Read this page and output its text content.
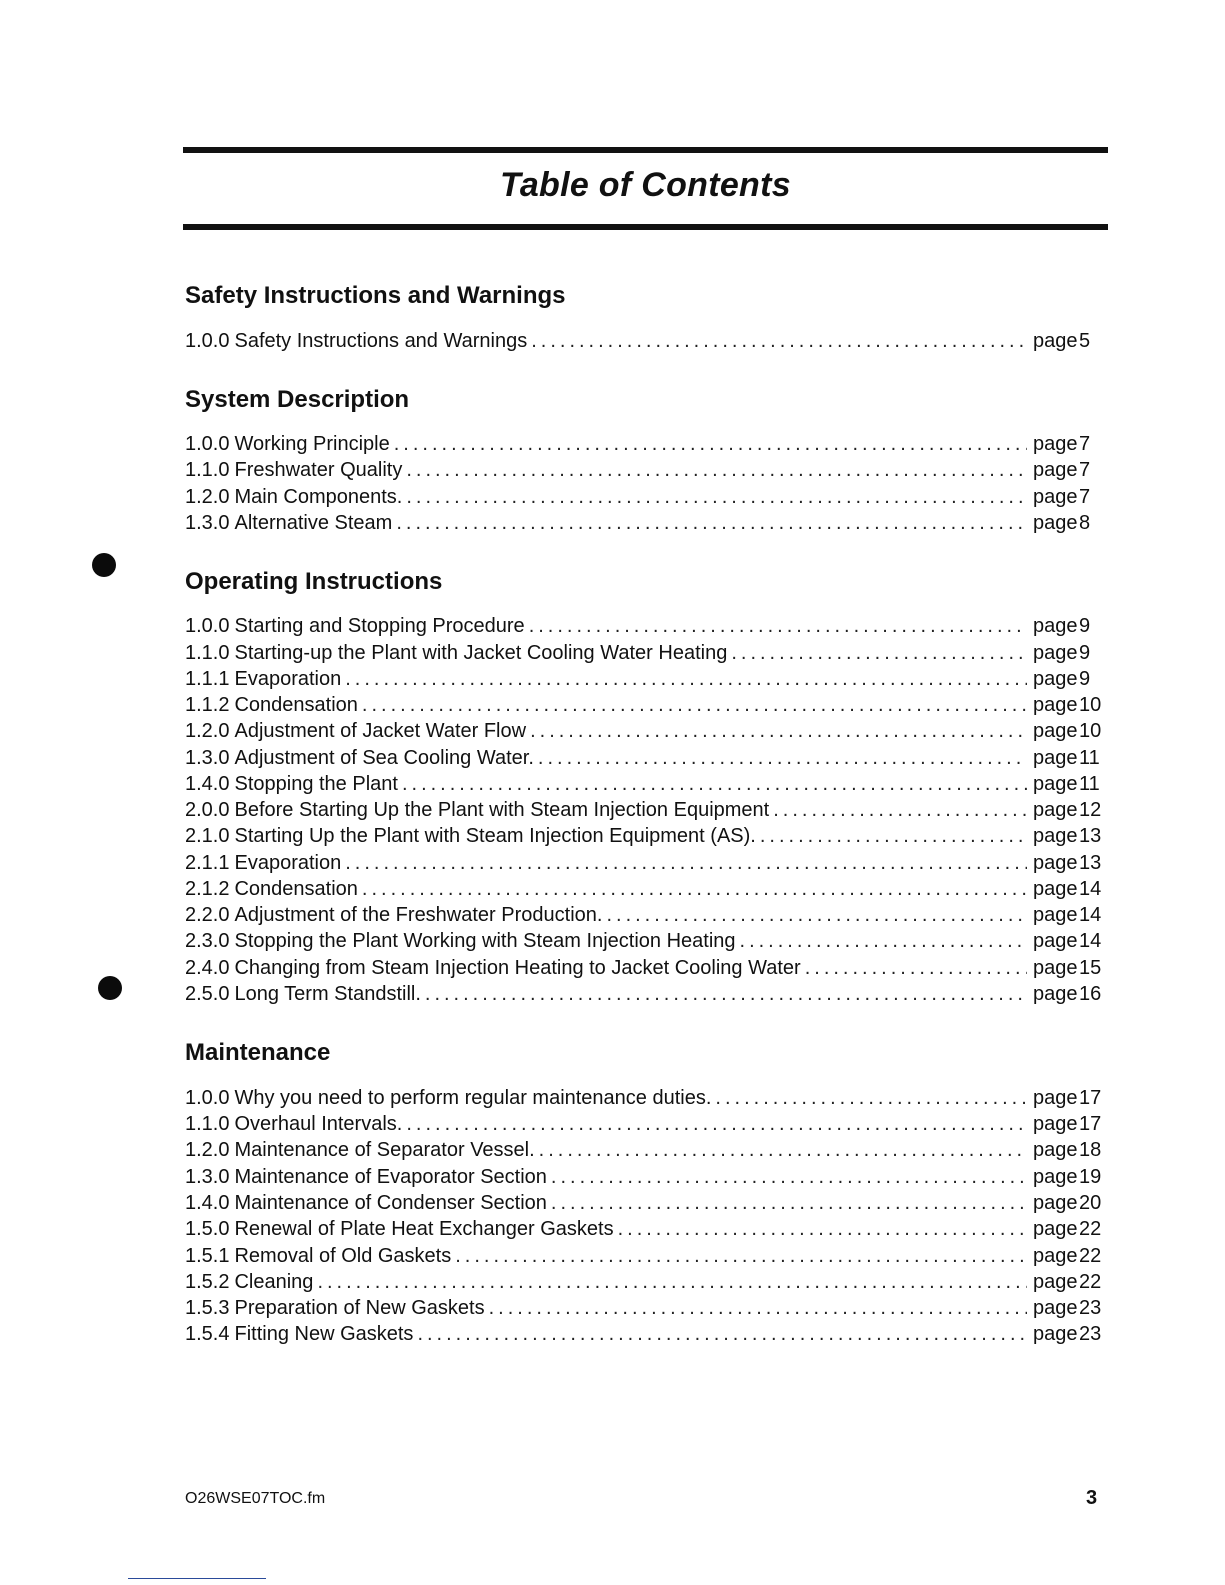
Table of Contents
Safety Instructions and Warnings
1.0.0 Safety Instructions and Warnings .....	page 5
System Description
1.0.0 Working Principle .....	page 7
1.1.0 Freshwater Quality .....	page 7
1.2.0 Main Components. .....	page 7
1.3.0 Alternative Steam .....	page 8
Operating Instructions
1.0.0 Starting and Stopping Procedure .....	page 9
1.1.0 Starting-up the Plant with Jacket Cooling Water Heating .....	page 9
1.1.1 Evaporation .....	page 9
1.1.2 Condensation .....	page 10
1.2.0 Adjustment of Jacket Water Flow .....	page 10
1.3.0 Adjustment of Sea Cooling Water. .....	page 11
1.4.0 Stopping the Plant .....	page 11
2.0.0 Before Starting Up the Plant with Steam Injection Equipment .....	page 12
2.1.0 Starting Up the Plant with Steam Injection Equipment (AS). .....	page 13
2.1.1 Evaporation .....	page 13
2.1.2 Condensation .....	page 14
2.2.0 Adjustment of the Freshwater Production. .....	page 14
2.3.0 Stopping the Plant Working with Steam Injection Heating .....	page 14
2.4.0 Changing from Steam Injection Heating to Jacket Cooling Water .....	page 15
2.5.0 Long Term Standstill. .....	page 16
Maintenance
1.0.0 Why you need to perform regular maintenance duties. .....	page 17
1.1.0 Overhaul Intervals. .....	page 17
1.2.0 Maintenance of Separator Vessel. .....	page 18
1.3.0 Maintenance of Evaporator Section .....	page 19
1.4.0 Maintenance of Condenser Section .....	page 20
1.5.0 Renewal of Plate Heat Exchanger Gaskets .....	page 22
1.5.1 Removal of Old Gaskets .....	page 22
1.5.2 Cleaning .....	page 22
1.5.3 Preparation of New Gaskets .....	page 23
1.5.4 Fitting New Gaskets .....	page 23
O26WSE07TOC.fm	3
